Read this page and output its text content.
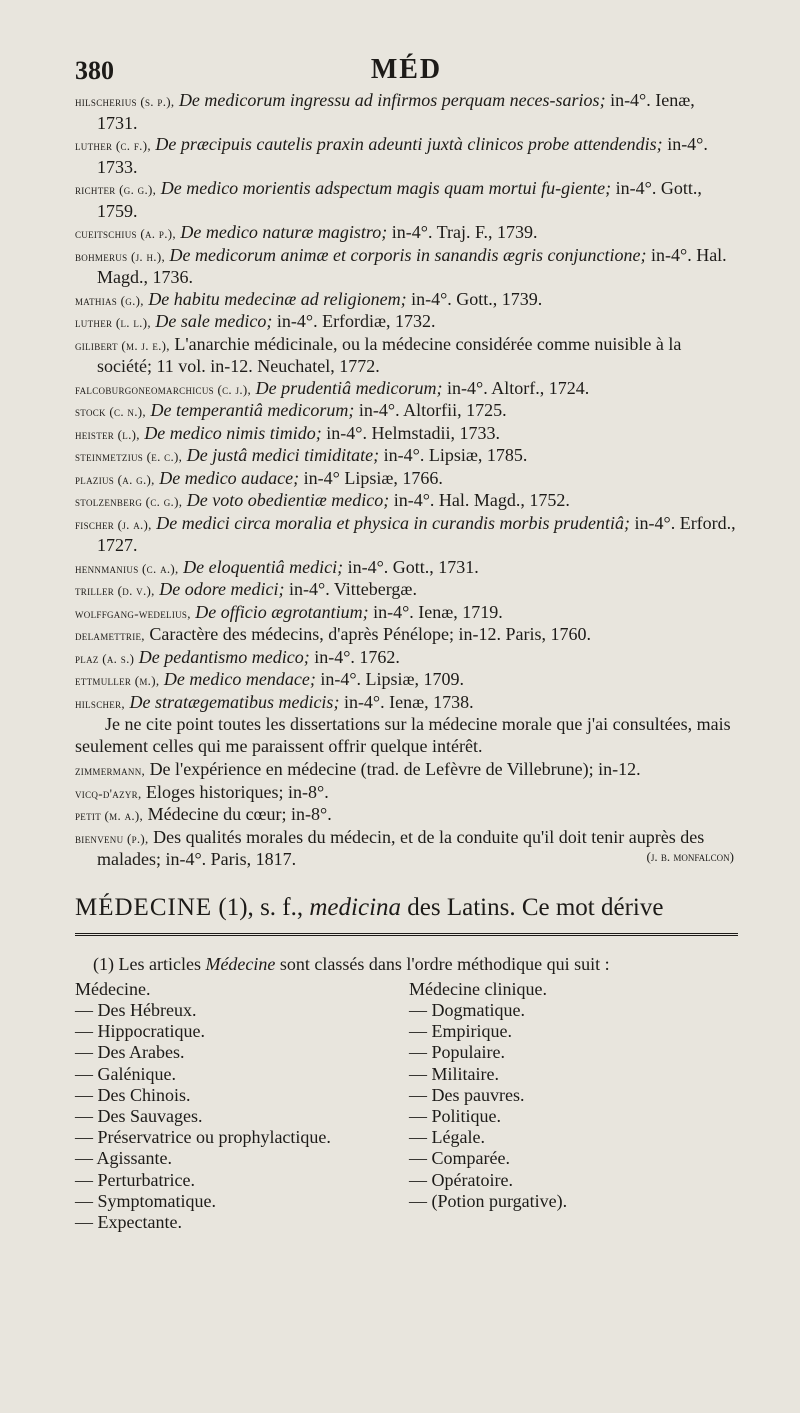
380	MÉD

hilscherius (s. p.), De medicorum ingressu ad infirmos perquam neces-sarios; in-4°. Ienæ, 1731.

luther (c. f.), De præcipuis cautelis praxin adeunti juxtà clinicos probe attendendis; in-4°. 1733.

richter (g. g.), De medico morientis adspectum magis quam mortui fu-giente; in-4°. Gott., 1759.

cueitschius (a. p.), De medico naturæ magistro; in-4°. Traj. F., 1739.

bohmerus (j. h.), De medicorum animæ et corporis in sanandis ægris conjunctione; in-4°. Hal. Magd., 1736.

mathias (g.), De habitu medecinæ ad religionem; in-4°. Gott., 1739.

luther (l. l.), De sale medico; in-4°. Erfordiæ, 1732.

gilibert (m. j. e.), L'anarchie médicinale, ou la médecine considérée comme nuisible à la société; 11 vol. in-12. Neuchatel, 1772.

falcoburgoneomarchicus (c. j.), De prudentiâ medicorum; in-4°. Altorf., 1724.

stock (c. n.), De temperantiâ medicorum; in-4°. Altorfii, 1725.

heister (l.), De medico nimis timido; in-4°. Helmstadii, 1733.

steinmetzius (e. c.), De justâ medici timiditate; in-4°. Lipsiæ, 1785.

plazius (a. g.), De medico audace; in-4° Lipsiæ, 1766.

stolzenberg (c. g.), De voto obedientiæ medico; in-4°. Hal. Magd., 1752.

fischer (j. a.), De medici circa moralia et physica in curandis morbis prudentiâ; in-4°. Erford., 1727.

hennmanius (c. a.), De eloquentiâ medici; in-4°. Gott., 1731.

triller (d. v.), De odore medici; in-4°. Vittebergæ.

wolffgang-wedelius, De officio ægrotantium; in-4°. Ienæ, 1719.

delamettrie, Caractère des médecins, d'après Pénélope; in-12. Paris, 1760.

plaz (a. s.) De pedantismo medico; in-4°. 1762.

ettmuller (m.), De medico mendace; in-4°. Lipsiæ, 1709.

hilscher, De stratægematibus medicis; in-4°. Ienæ, 1738.

Je ne cite point toutes les dissertations sur la médecine morale que j'ai consultées, mais seulement celles qui me paraissent offrir quelque intérêt.

zimmermann, De l'expérience en médecine (trad. de Lefèvre de Villebrune); in-12.

vicq-d'azyr, Eloges historiques; in-8°.

petit (m. a.), Médecine du cœur; in-8°.

bienvenu (p.), Des qualités morales du médecin, et de la conduite qu'il doit tenir auprès des malades; in-4°. Paris, 1817.	(j. b. monfalcon)
MÉDECINE (1), s. f., medicina des Latins. Ce mot dérive

(1) Les articles Médecine sont classés dans l'ordre méthodique qui suit :

Médecine.
— Des Hébreux.
— Hippocratique.
— Des Arabes.
— Galénique.
— Des Chinois.
— Des Sauvages.
— Préservatrice ou prophylactique.
— Agissante.
— Perturbatrice.
— Symptomatique.
— Expectante.
Médecine clinique.
— Dogmatique.
— Empirique.
— Populaire.
— Militaire.
— Des pauvres.
— Politique.
— Légale.
— Comparée.
— Opératoire.
— (Potion purgative).
